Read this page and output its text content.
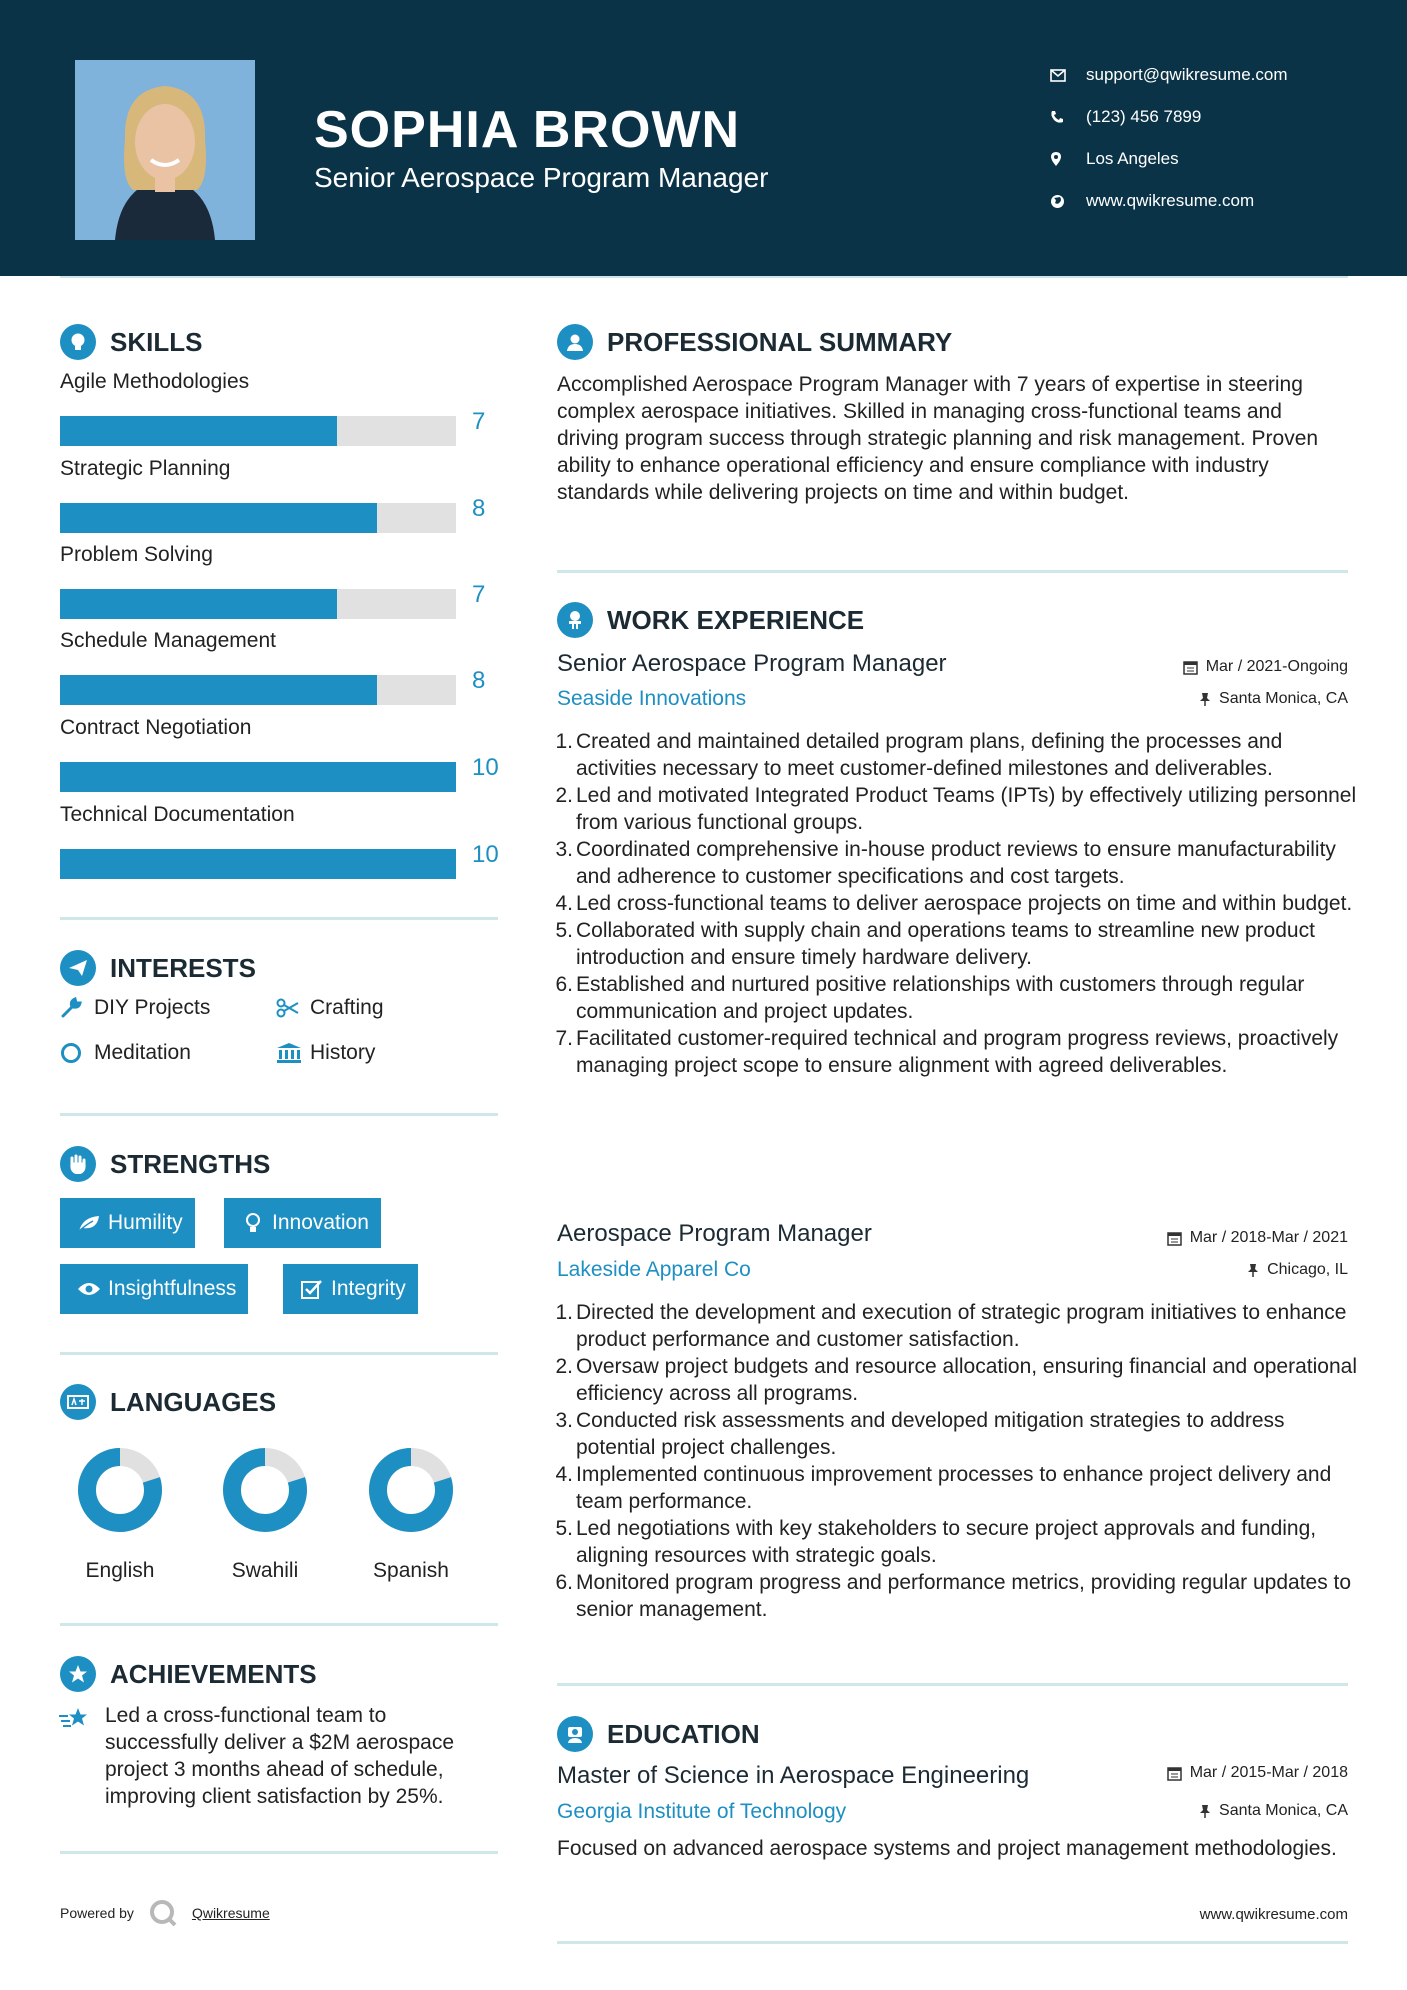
SOPHIA BROWN
Senior Aerospace Program Manager
support@qwikresume.com
(123) 456 7899
Los Angeles
www.qwikresume.com
SKILLS
Agile Methodologies
7
Strategic Planning
8
Problem Solving
7
Schedule Management
8
Contract Negotiation
10
Technical Documentation
10
INTERESTS
DIY Projects	Crafting
Meditation	History
STRENGTHS
Humility	Innovation
Insightfulness	Integrity
LANGUAGES
English	Swahili	Spanish
ACHIEVEMENTS
Led a cross-functional team to successfully deliver a $2M aerospace project 3 months ahead of schedule, improving client satisfaction by 25%.
Powered by	Qwikresume
PROFESSIONAL SUMMARY
Accomplished Aerospace Program Manager with 7 years of expertise in steering complex aerospace initiatives. Skilled in managing cross-functional teams and driving program success through strategic planning and risk management. Proven ability to enhance operational efficiency and ensure compliance with industry standards while delivering projects on time and within budget.
WORK EXPERIENCE
Senior Aerospace Program Manager	Mar / 2021-Ongoing
Seaside Innovations	Santa Monica, CA
1. Created and maintained detailed program plans, defining the processes and activities necessary to meet customer-defined milestones and deliverables.
2. Led and motivated Integrated Product Teams (IPTs) by effectively utilizing personnel from various functional groups.
3. Coordinated comprehensive in-house product reviews to ensure manufacturability and adherence to customer specifications and cost targets.
4. Led cross-functional teams to deliver aerospace projects on time and within budget.
5. Collaborated with supply chain and operations teams to streamline new product introduction and ensure timely hardware delivery.
6. Established and nurtured positive relationships with customers through regular communication and project updates.
7. Facilitated customer-required technical and program progress reviews, proactively managing project scope to ensure alignment with agreed deliverables.
Aerospace Program Manager	Mar / 2018-Mar / 2021
Lakeside Apparel Co	Chicago, IL
1. Directed the development and execution of strategic program initiatives to enhance product performance and customer satisfaction.
2. Oversaw project budgets and resource allocation, ensuring financial and operational efficiency across all programs.
3. Conducted risk assessments and developed mitigation strategies to address potential project challenges.
4. Implemented continuous improvement processes to enhance project delivery and team performance.
5. Led negotiations with key stakeholders to secure project approvals and funding, aligning resources with strategic goals.
6. Monitored program progress and performance metrics, providing regular updates to senior management.
EDUCATION
Master of Science in Aerospace Engineering	Mar / 2015-Mar / 2018
Georgia Institute of Technology	Santa Monica, CA
Focused on advanced aerospace systems and project management methodologies.
www.qwikresume.com
